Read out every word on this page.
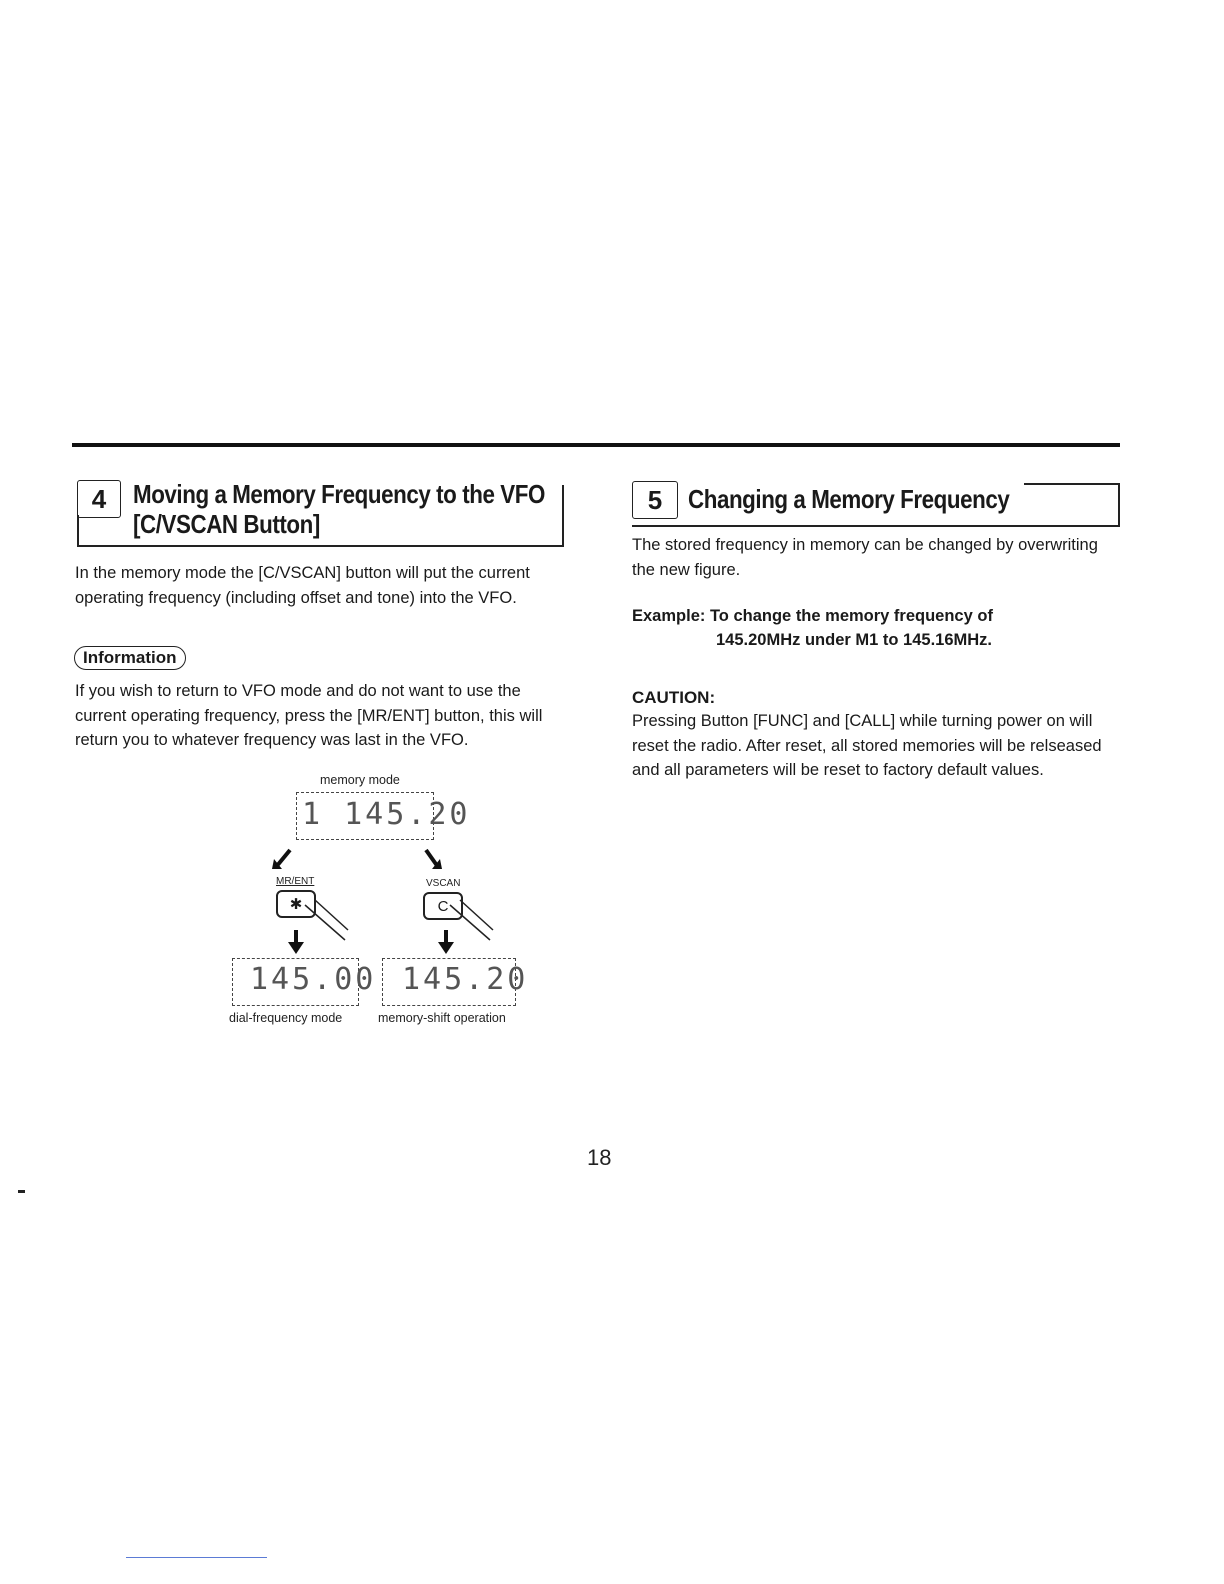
4	Moving a Memory Frequency to the VFO
[C/VSCAN Button]

In the memory mode the [C/VSCAN] button will put the current operating frequency (including offset and tone) into the VFO.

Information

If you wish to return to VFO mode and do not want to use the current operating frequency, press the [MR/ENT] button, this will return you to whatever frequency was last in the VFO.

memory mode
1 145.20
MR/ENT	VSCAN
✱	C
145.00 145.20
dial-frequency mode	memory-shift operation
5 Changing a Memory Frequency

The stored frequency in memory can be changed by overwriting the new figure.

Example: To change the memory frequency of
145.20MHz under M1 to 145.16MHz.
CAUTION:

Pressing Button [FUNC] and [CALL] while turning power on will reset the radio. After reset, all stored memories will be relseased and all parameters will be reset to factory default values.

18
